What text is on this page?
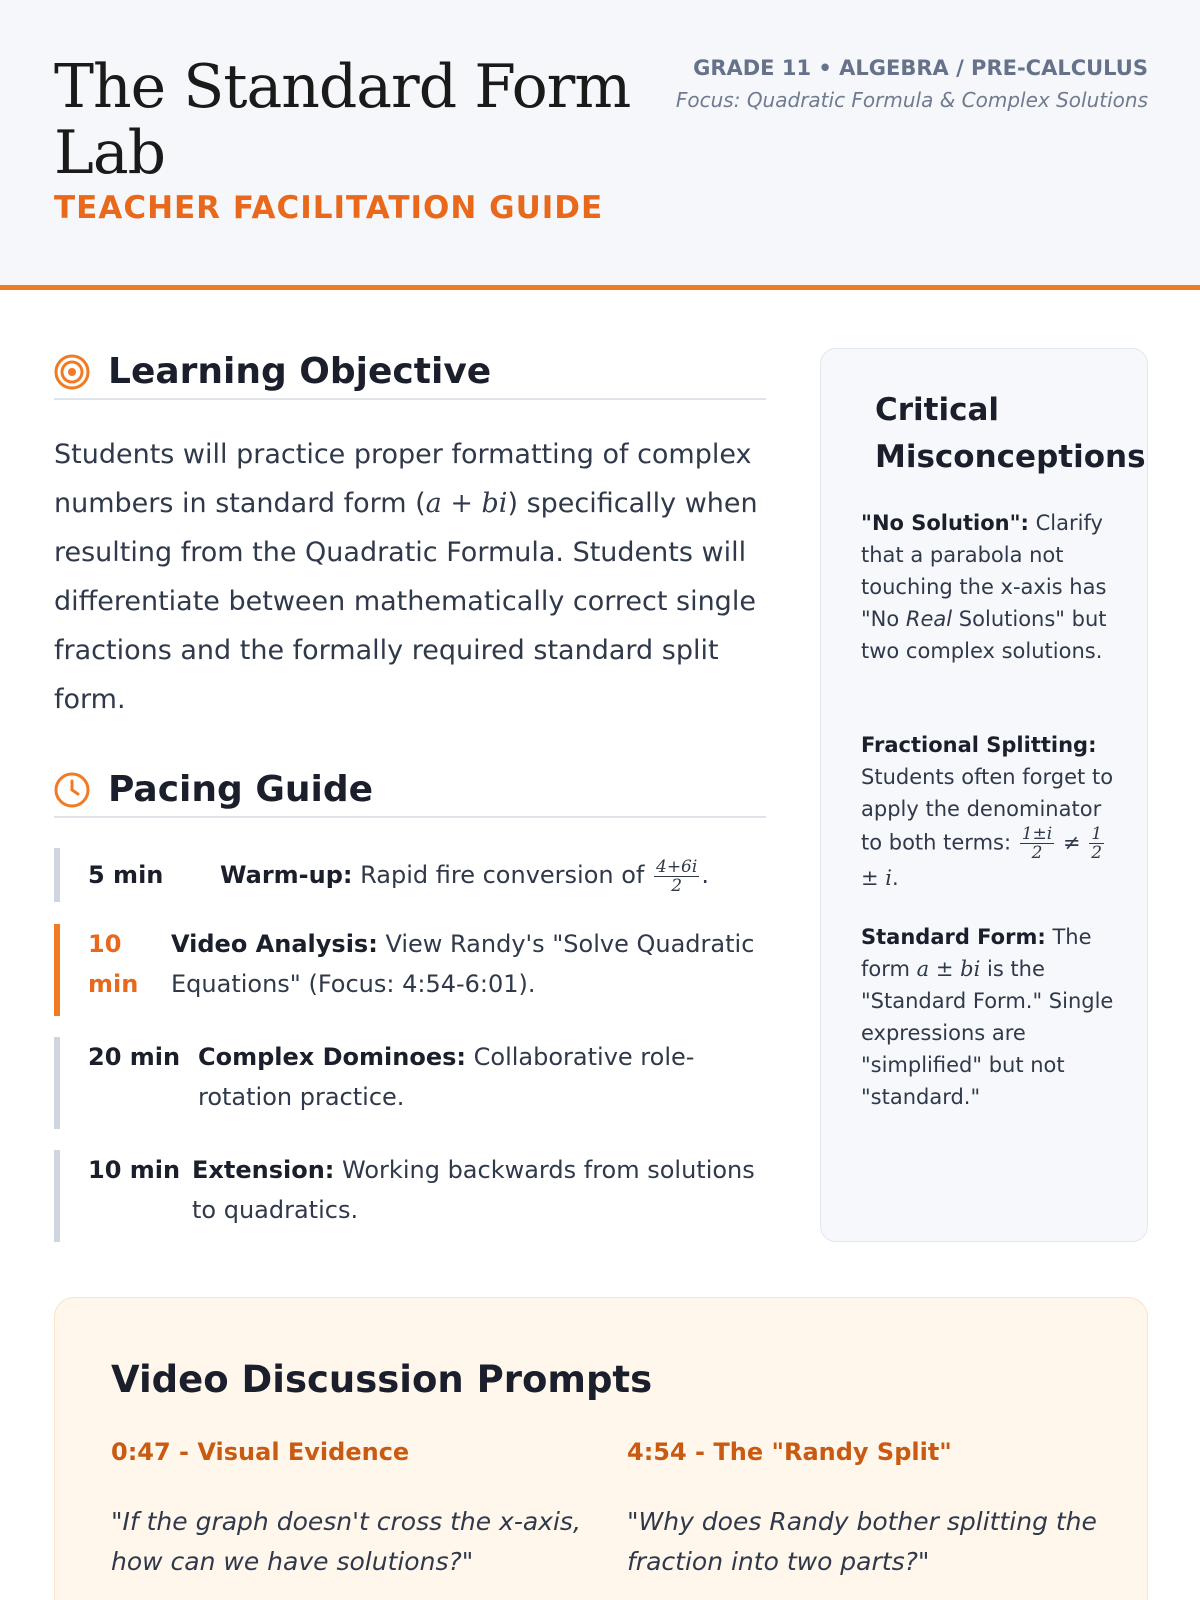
The Standard Form Lab
TEACHER FACILITATION GUIDE
GRADE 11 • ALGEBRA / PRE-CALCULUS
Focus: Quadratic Formula & Complex Solutions
Learning Objective

Students will practice proper formatting of complex numbers in standard form (a + bi) specifically when resulting from the Quadratic Formula. Students will differentiate between mathematically correct single fractions and the formally required standard split form.

Pacing Guide
5 min Warm-up: Rapid fire conversion of $\frac{4+6i}{2}$ .
10 min
Video Analysis: View Randy's "Solve Quadratic Equations" (Focus: 4:54-6:01).
20 min Complex Dominoes: Collaborative role-rotation practice.
10 min Extension: Working backwards from solutions to quadratics.
Critical Misconceptions
"No Solution": Clarify that a parabola not touching the x-axis has "No Real Solutions" but two complex solutions.
Fractional Splitting: Students often forget to apply the denominator to both terms: $\frac{1\pm i}{2} \ne \frac{1}{2}$
± i.
Standard Form: The form a ± bi is the "Standard Form." Single expressions are "simplified" but not "standard."
Video Discussion Prompts
0:47 - Visual Evidence
"If the graph doesn't cross the x-axis, how can we have solutions?"
4:54 - The "Randy Split"
"Why does Randy bother splitting the fraction into two parts?"
